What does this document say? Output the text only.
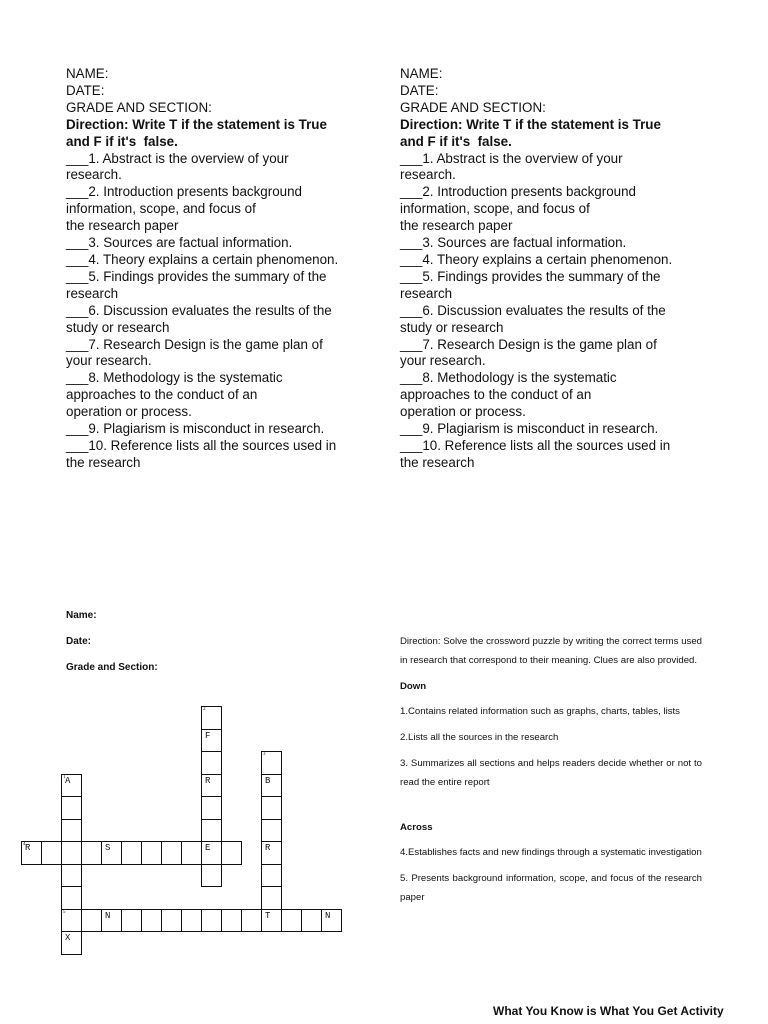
NAME:
DATE:
GRADE AND SECTION:
Direction: Write T if the statement is True
and F if it's  false.
___1. Abstract is the overview of your
research.
___2. Introduction presents background
information, scope, and focus of
the research paper
___3. Sources are factual information.
___4. Theory explains a certain phenomenon.
___5. Findings provides the summary of the
research
___6. Discussion evaluates the results of the
study or research
___7. Research Design is the game plan of
your research.
___8. Methodology is the systematic
approaches to the conduct of an
operation or process.
___9. Plagiarism is misconduct in research.
___10. Reference lists all the sources used in
the research
NAME:
DATE:
GRADE AND SECTION:
Direction: Write T if the statement is True
and F if it's  false.
___1. Abstract is the overview of your
research.
___2. Introduction presents background
information, scope, and focus of
the research paper
___3. Sources are factual information.
___4. Theory explains a certain phenomenon.
___5. Findings provides the summary of the
research
___6. Discussion evaluates the results of the
study or research
___7. Research Design is the game plan of
your research.
___8. Methodology is the systematic
approaches to the conduct of an
operation or process.
___9. Plagiarism is misconduct in research.
___10. Reference lists all the sources used in
the research
Name:
Date:
Grade and Section:
2
F
R
E
3
B
R
T
1 A
5
X
4 R	S
N	N

Direction: Solve the crossword puzzle by writing the correct terms used in research that correspond to their meaning. Clues are also provided.

Down

1.Contains related information such as graphs, charts, tables, lists

2.Lists all the sources in the research

3. Summarizes all sections and helps readers decide whether or not to read the entire report

Across

4.Establishes facts and new findings through a systematic investigation

5. Presents background information, scope, and focus of the research paper

What You Know is What You Get Activity
